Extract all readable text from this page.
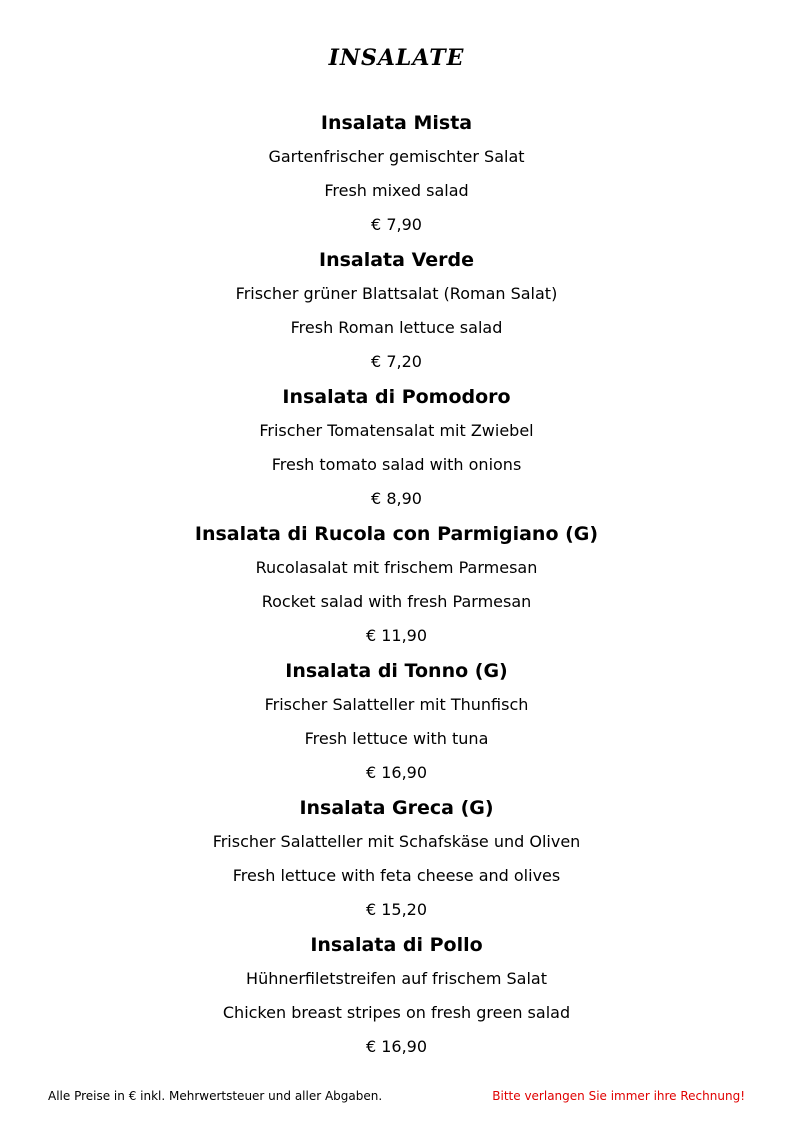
INSALATE
Insalata Mista
Gartenfrischer gemischter Salat
Fresh mixed salad
€ 7,90
Insalata Verde
Frischer grüner Blattsalat (Roman Salat)
Fresh Roman lettuce salad
€ 7,20
Insalata di Pomodoro
Frischer Tomatensalat mit Zwiebel
Fresh tomato salad with onions
€ 8,90
Insalata di Rucola con Parmigiano (G)
Rucolasalat mit frischem Parmesan
Rocket salad with fresh Parmesan
€ 11,90
Insalata di Tonno (G)
Frischer Salatteller mit Thunfisch
Fresh lettuce with tuna
€ 16,90
Insalata Greca (G)
Frischer Salatteller mit Schafskäse und Oliven
Fresh lettuce with feta cheese and olives
€ 15,20
Insalata di Pollo
Hühnerfiletstreifen auf frischem Salat
Chicken breast stripes on fresh green salad
€ 16,90
Alle Preise in € inkl. Mehrwertsteuer und aller Abgaben.	Bitte verlangen Sie immer ihre Rechnung!
